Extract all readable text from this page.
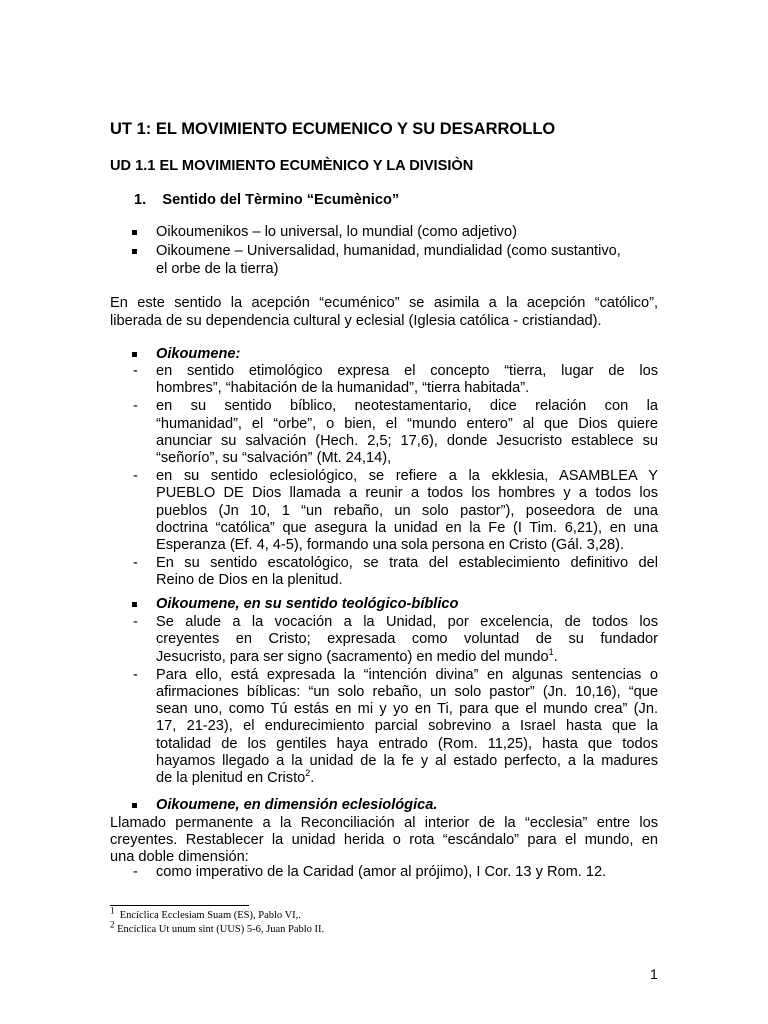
UT 1: EL MOVIMIENTO ECUMENICO Y SU DESARROLLO
UD 1.1 EL MOVIMIENTO ECUMÈNICO Y LA DIVISIÒN
1. Sentido del Tèrmino “Ecumènico”
Oikoumenikos – lo universal, lo mundial (como adjetivo)
Oikoumene – Universalidad, humanidad, mundialidad (como sustantivo,
el orbe de la tierra)
En este sentido la acepción “ecuménico” se asimila a la acepción “católico”,
liberada de su dependencia cultural y eclesial (Iglesia católica - cristiandad).
Oikoumene:
Oikoumene, en su sentido teológico-bíblico
Oikoumene, en dimensión eclesiológica.
Llamado permanente a la Reconciliación al interior de la “ecclesia” entre los
creyentes. Restablecer la unidad herida o rota “escándalo” para el mundo, en
una doble dimensión:
- como imperativo de la Caridad (amor al prójimo), I Cor. 13 y Rom. 12.
$^1$ Encíclica Ecclesiam Suam (ES), Pablo VI,.
$^2$ Encíclica Ut unum sint (UUS) 5-6, Juan Pablo II.
1
- en sentido etimológico expresa el concepto “tierra, lugar de los
hombres”, “habitación de la humanidad”, “tierra habitada”.
- en su sentido bíblico, neotestamentario, dice relación con la
“humanidad”, el “orbe”, o bien, el “mundo entero” al que Dios quiere
anunciar su salvación (Hech. 2,5; 17,6), donde Jesucristo establece su
“señorío”, su “salvación” (Mt. 24,14),
- en su sentido eclesiológico, se refiere a la ekklesia, ASAMBLEA Y
PUEBLO DE Dios llamada a reunir a todos los hombres y a todos los
pueblos (Jn 10, 1 “un rebaño, un solo pastor”), poseedora de una
doctrina “católica” que asegura la unidad en la Fe (I Tim. 6,21), en una
Esperanza (Ef. 4, 4-5), formando una sola persona en Cristo (Gál. 3,28).
- En su sentido escatológico, se trata del establecimiento definitivo del
Reino de Dios en la plenitud.
- Se alude a la vocación a la Unidad, por excelencia, de todos los
creyentes en Cristo; expresada como voluntad de su fundador
Jesucristo, para ser signo (sacramento) en medio del mundo$^1$.
- Para ello, está expresada la “intención divina” en algunas sentencias o
afirmaciones bíblicas: “un solo rebaño, un solo pastor” (Jn. 10,16), “que
sean uno, como Tú estás en mi y yo en Ti, para que el mundo crea” (Jn.
17, 21-23), el endurecimiento parcial sobrevino a Israel hasta que la
totalidad de los gentiles haya entrado (Rom. 11,25), hasta que todos
hayamos llegado a la unidad de la fe y al estado perfecto, a la madures
de la plenitud en Cristo$^2$.
